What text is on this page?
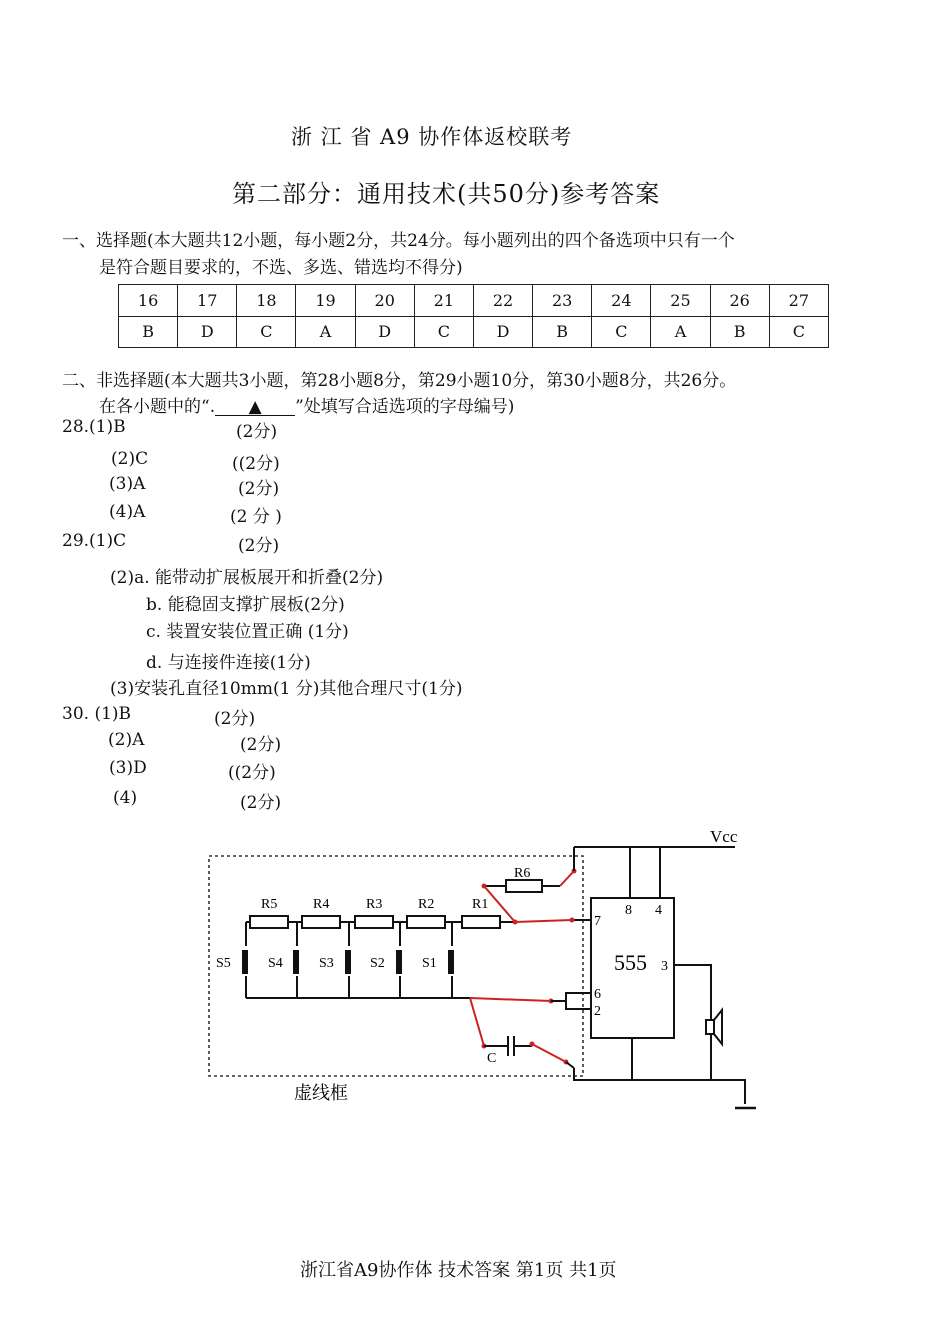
浙 江 省 A9 协作体返校联考
第二部分：通用技术(共50分)参考答案
一、选择题(本大题共12小题，每小题2分，共24分。每小题列出的四个备选项中只有一个
是符合题目要求的，不选、多选、错选均不得分)
16	17	18	19	20	21	22	23	24	25	26	27
B	D	C	A	D	C	D	B	C	A	B	C
二、非选择题(本大题共3小题，第28小题8分，第29小题10分，第30小题8分，共26分。
在各小题中的“. ▲ ”处填写合适选项的字母编号)
28.(1)B	(2分)
(2)C	((2分)
(3)A	(2分)
(4)A	(2 分 )
29.(1)C	(2分)
(2)a. 能带动扩展板展开和折叠(2分)
b. 能稳固支撑扩展板(2分)
c. 装置安装位置正确 (1分)
d. 与连接件连接(1分)
(3)安装孔直径10mm(1 分)其他合理尺寸(1分)
30. (1)B	(2分)
(2)A	(2分)
(3)D	((2分)
(4)	(2分)
虚线框
Vcc
555
8 4
7
6
2
3
R6
R5	R4	R3	R2	R1
C
S5	S4	S3	S2	S1
浙江省A9协作体 技术答案 第1页 共1页
